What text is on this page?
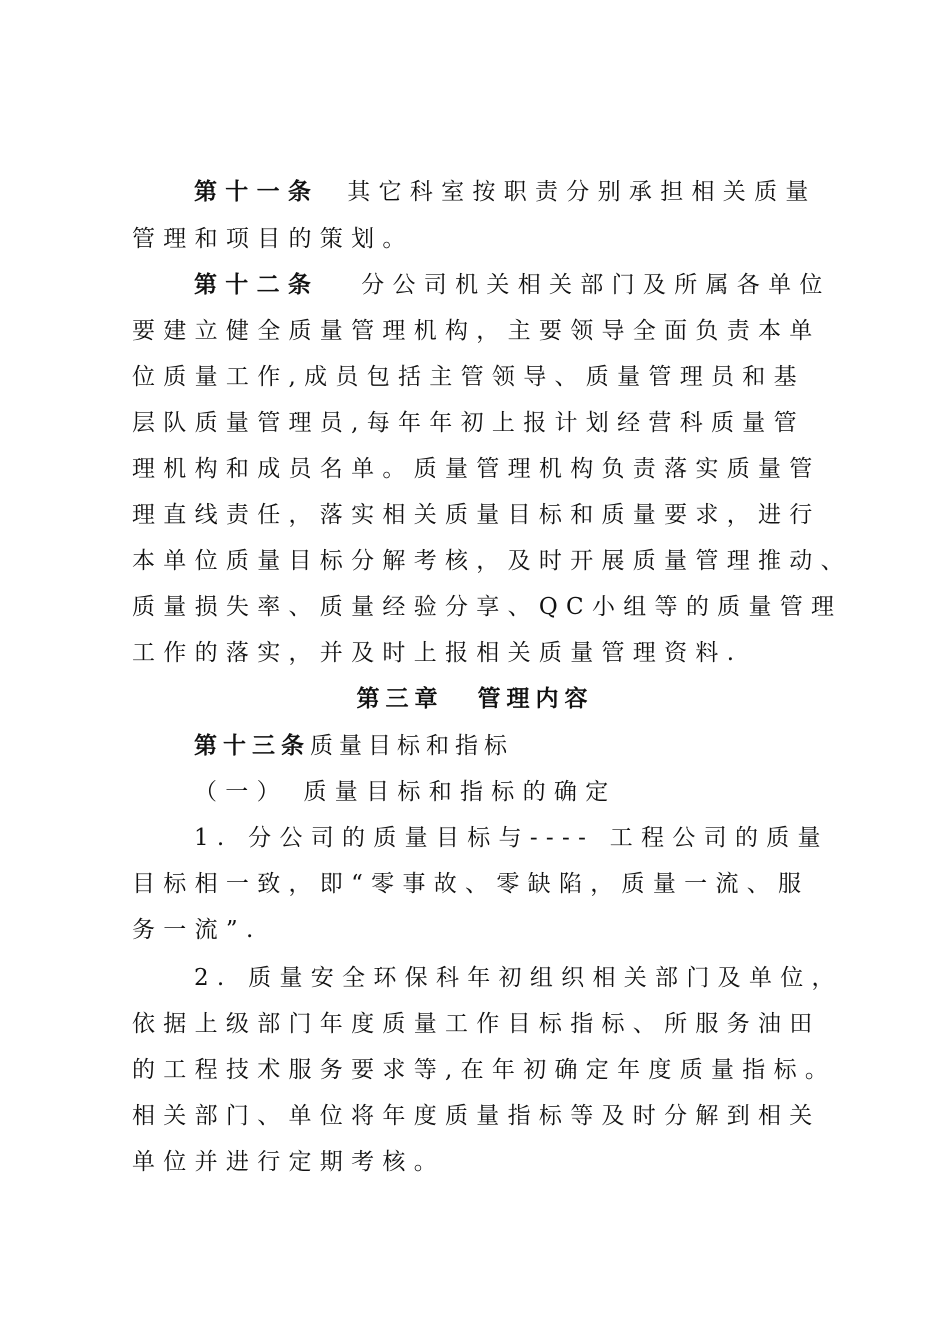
第十一条 其它科室按职责分别承担相关质量
管理和项目的策划。
第十二条 分公司机关相关部门及所属各单位
要建立健全质量管理机构，主要领导全面负责本单
位质量工作,成员包括主管领导、质量管理员和基
层队质量管理员,每年年初上报计划经营科质量管
理机构和成员名单。质量管理机构负责落实质量管
理直线责任，落实相关质量目标和质量要求，进行
本单位质量目标分解考核，及时开展质量管理推动、
质量损失率、质量经验分享、QC小组等的质量管理
工作的落实，并及时上报相关质量管理资料.
第三章 管理内容
第十三条质量目标和指标
（一） 质量目标和指标的确定
1. 分公司的质量目标与---- 工程公司的质量
目标相一致，即“零事故、零缺陷，质量一流、服
务一流”.
2. 质量安全环保科年初组织相关部门及单位，
依据上级部门年度质量工作目标指标、所服务油田
的工程技术服务要求等,在年初确定年度质量指标。
相关部门、单位将年度质量指标等及时分解到相关
单位并进行定期考核。
